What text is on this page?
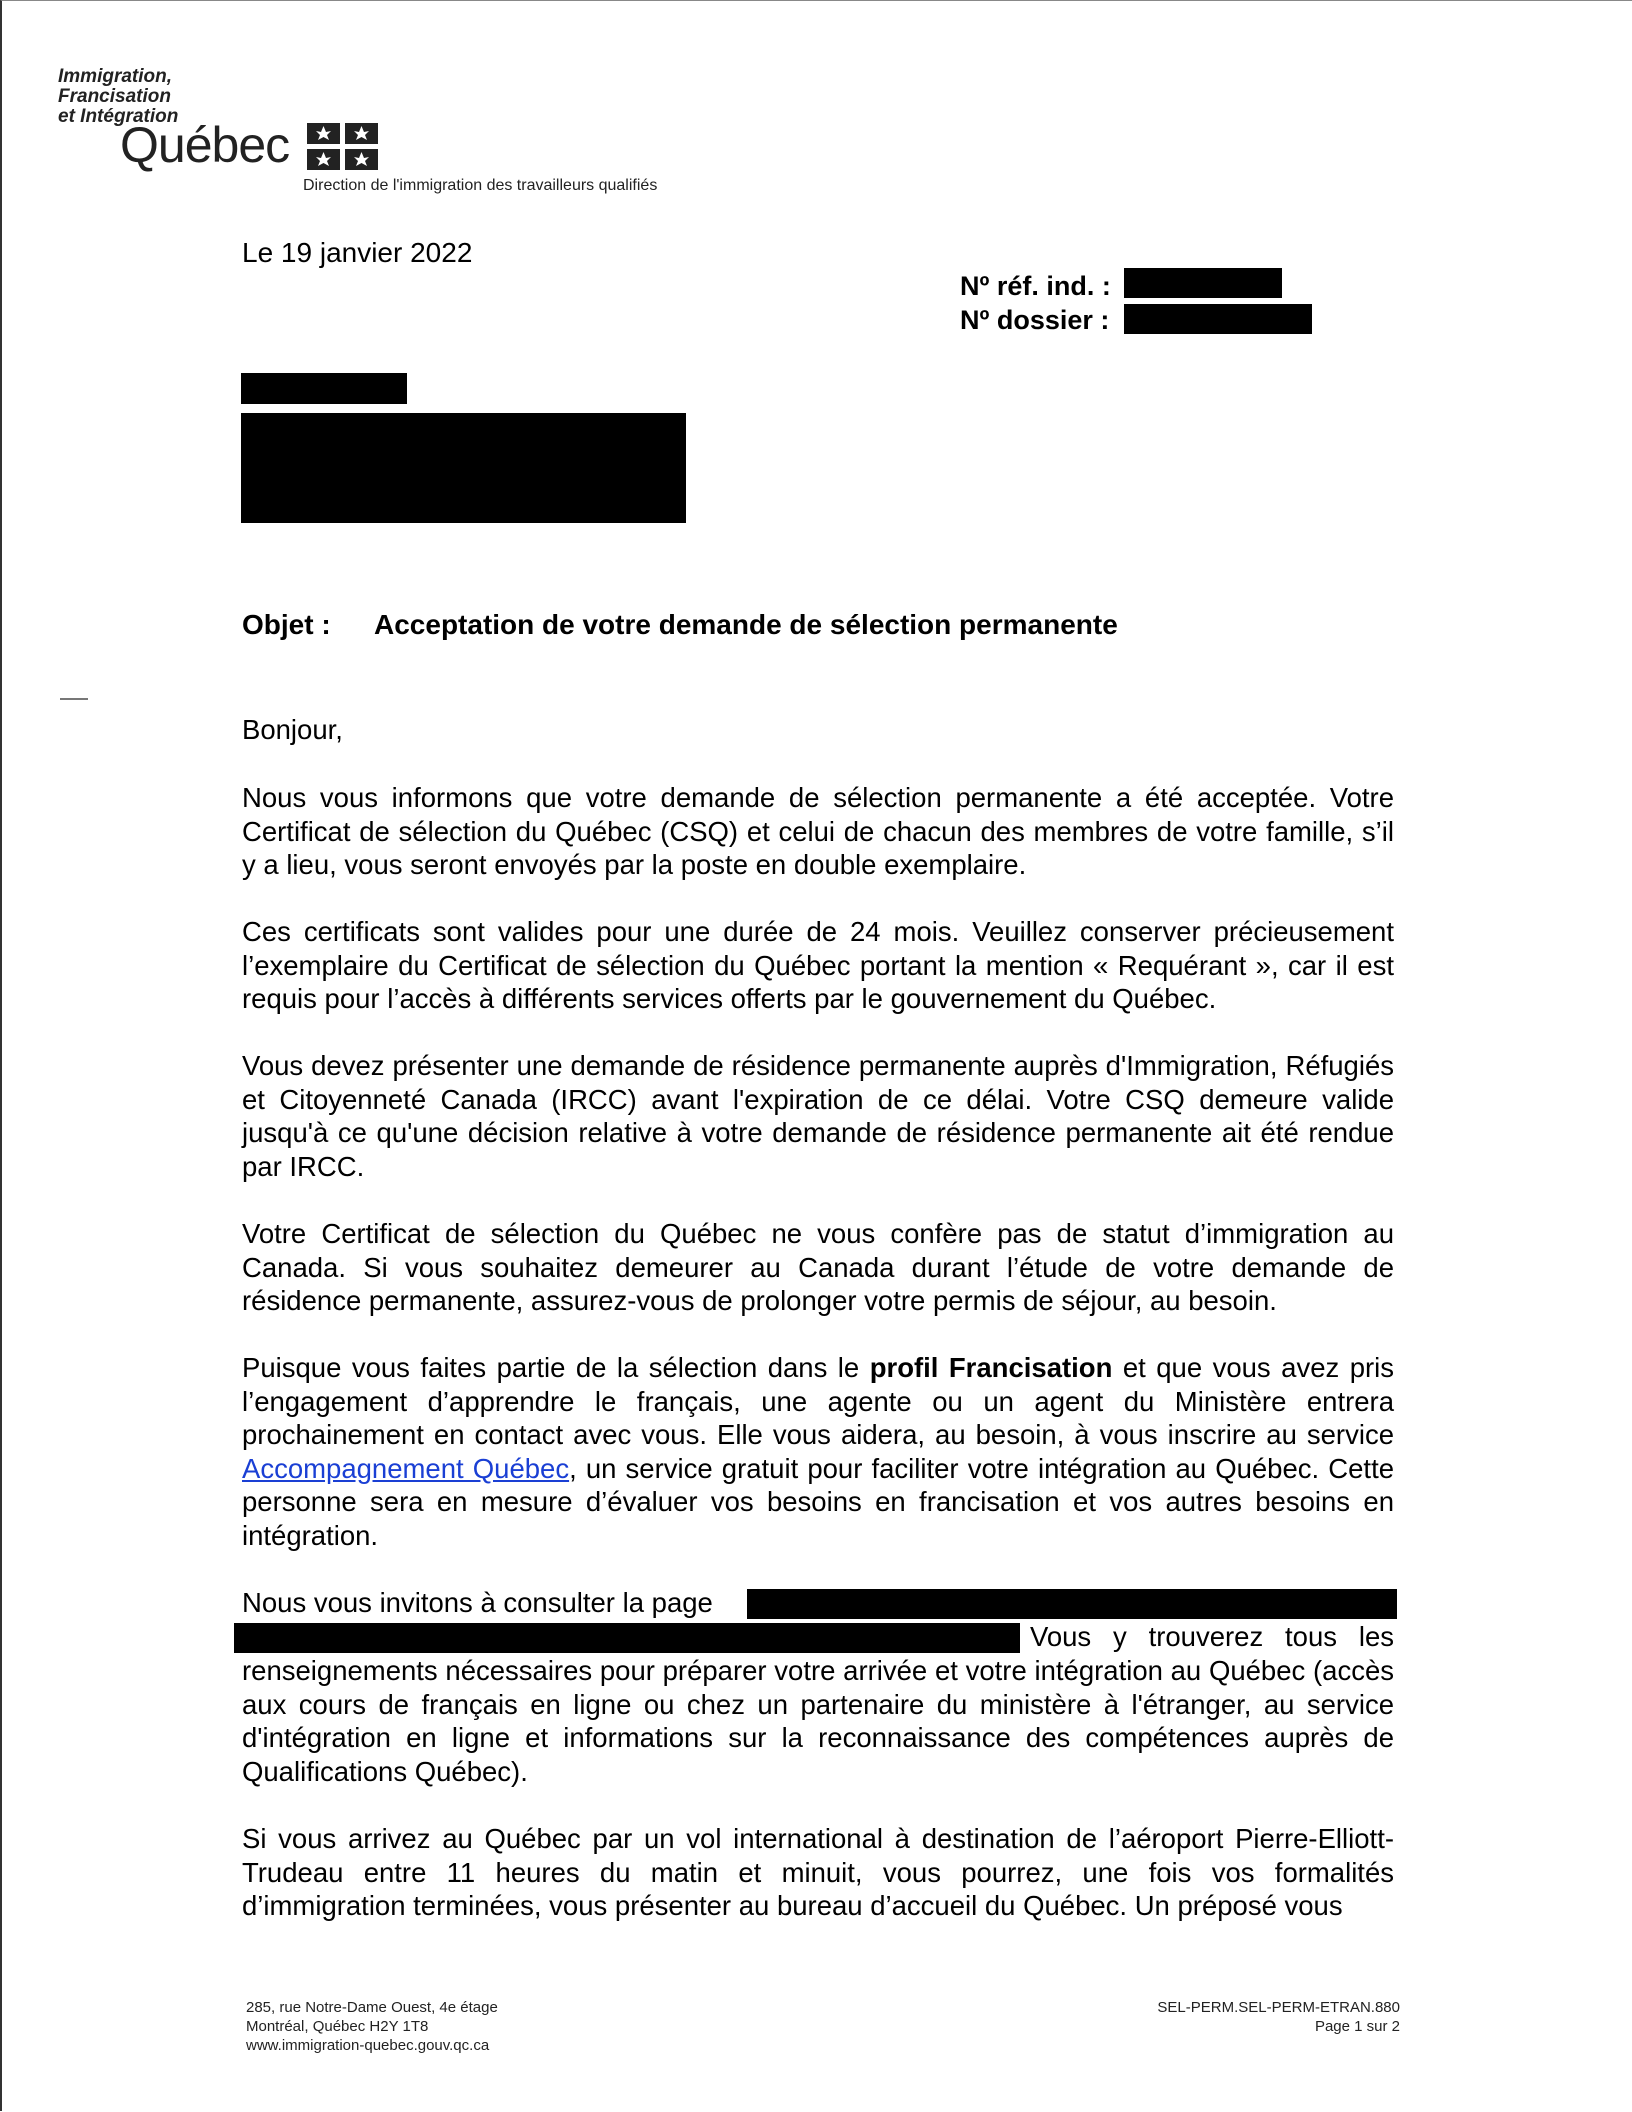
Immigration,
Francisation
et Intégration
Québec
Direction de l'immigration des travailleurs qualifiés
Le 19 janvier 2022
Nº réf. ind. :
Nº dossier :
Objet : Acceptation de votre demande de sélection permanente
Bonjour,
Nous vous informons que votre demande de sélection permanente a été acceptée. Votre Certificat de sélection du Québec (CSQ) et celui de chacun des membres de votre famille, s’il y a lieu, vous seront envoyés par la poste en double exemplaire.
Ces certificats sont valides pour une durée de 24 mois. Veuillez conserver précieusement l’exemplaire du Certificat de sélection du Québec portant la mention « Requérant », car il est requis pour l’accès à différents services offerts par le gouvernement du Québec.
Vous devez présenter une demande de résidence permanente auprès d'Immigration, Réfugiés et Citoyenneté Canada (IRCC) avant l'expiration de ce délai. Votre CSQ demeure valide jusqu'à ce qu'une décision relative à votre demande de résidence permanente ait été rendue par IRCC.
Votre Certificat de sélection du Québec ne vous confère pas de statut d’immigration au Canada. Si vous souhaitez demeurer au Canada durant l’étude de votre demande de résidence permanente, assurez-vous de prolonger votre permis de séjour, au besoin.
Puisque vous faites partie de la sélection dans le profil Francisation et que vous avez pris l’engagement d’apprendre le français, une agente ou un agent du Ministère entrera prochainement en contact avec vous. Elle vous aidera, au besoin, à vous inscrire au service Accompagnement Québec, un service gratuit pour faciliter votre intégration au Québec. Cette personne sera en mesure d’évaluer vos besoins en francisation et vos autres besoins en intégration.
Nous vous invitons à consulter la page
Vous y trouverez tous les
renseignements nécessaires pour préparer votre arrivée et votre intégration au Québec (accès aux cours de français en ligne ou chez un partenaire du ministère à l'étranger, au service d'intégration en ligne et informations sur la reconnaissance des compétences auprès de Qualifications Québec).
Si vous arrivez au Québec par un vol international à destination de l’aéroport Pierre-Elliott-Trudeau entre 11 heures du matin et minuit, vous pourrez, une fois vos formalités d’immigration terminées, vous présenter au bureau d’accueil du Québec. Un préposé vous
285, rue Notre-Dame Ouest, 4e étage
Montréal, Québec H2Y 1T8
www.immigration-quebec.gouv.qc.ca
SEL-PERM.SEL-PERM-ETRAN.880
Page 1 sur 2
